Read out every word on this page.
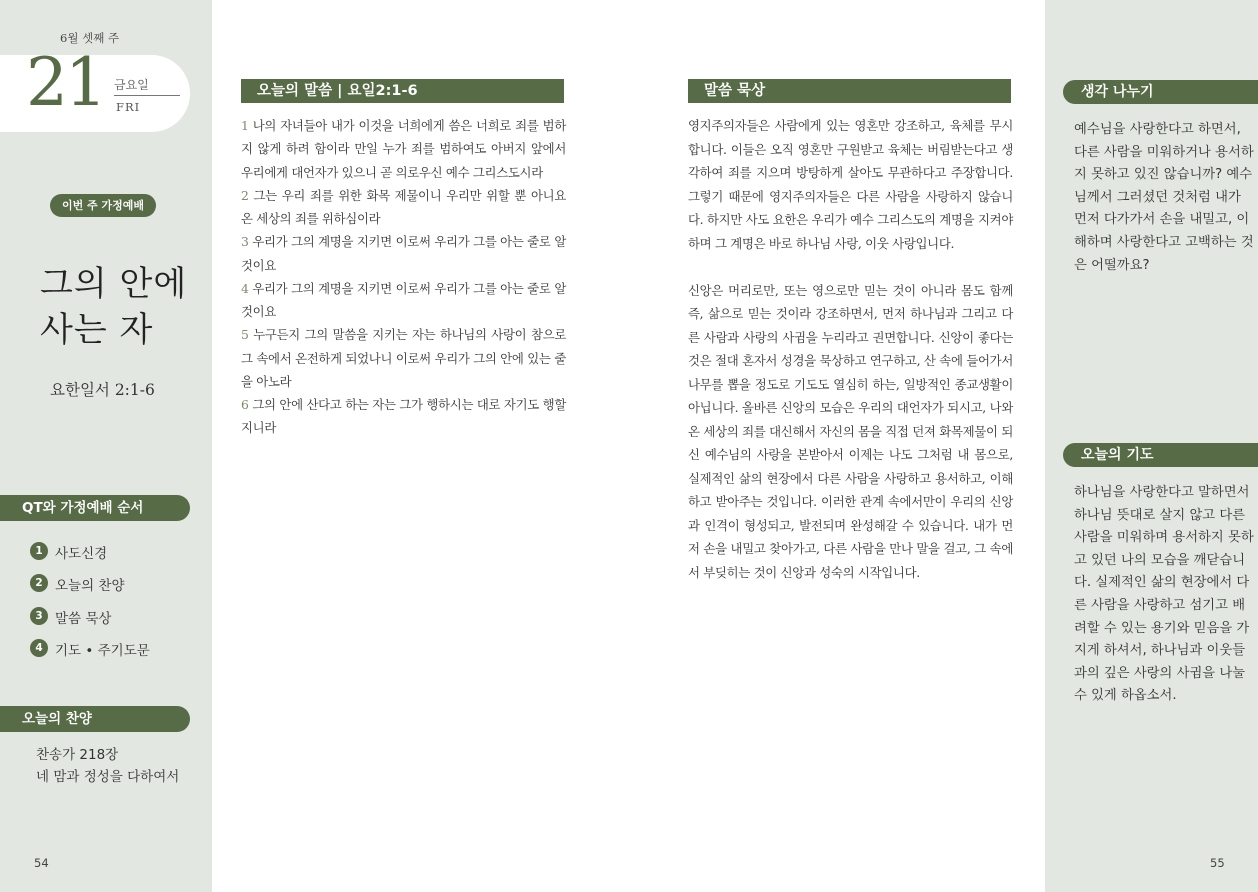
6월 셋째 주
21 금요일
FRI
이번 주 가정예배
그의 안에
사는 자
요한일서 2:1-6
QT와 가정예배 순서
1 사도신경
2 오늘의 찬양
3 말씀 묵상
4 기도 • 주기도문
오늘의 찬양
찬송가 218장
네 맘과 정성을 다하여서
54
오늘의 말씀 | 요일2:1-6

1 나의 자녀들아 내가 이것을 너희에게 씀은 너희로 죄를 범하지 않게 하려 함이라 만일 누가 죄를 범하여도 아버지 앞에서 우리에게 대언자가 있으니 곧 의로우신 예수 그리스도시라

2 그는 우리 죄를 위한 화목 제물이니 우리만 위할 뿐 아니요 온 세상의 죄를 위하심이라

3 우리가 그의 계명을 지키면 이로써 우리가 그를 아는 줄로 알 것이요

4 우리가 그의 계명을 지키면 이로써 우리가 그를 아는 줄로 알 것이요

5 누구든지 그의 말씀을 지키는 자는 하나님의 사랑이 참으로 그 속에서 온전하게 되었나니 이로써 우리가 그의 안에 있는 줄을 아노라

6 그의 안에 산다고 하는 자는 그가 행하시는 대로 자기도 행할지니라

말씀 묵상

영지주의자들은 사람에게 있는 영혼만 강조하고, 육체를 무시합니다. 이들은 오직 영혼만 구원받고 육체는 버림받는다고 생각하여 죄를 지으며 방탕하게 살아도 무관하다고 주장합니다. 그렇기 때문에 영지주의자들은 다른 사람을 사랑하지 않습니다. 하지만 사도 요한은 우리가 예수 그리스도의 계명을 지켜야 하며 그 계명은 바로 하나님 사랑, 이웃 사랑입니다.

신앙은 머리로만, 또는 영으로만 믿는 것이 아니라 몸도 함께 즉, 삶으로 믿는 것이라 강조하면서, 먼저 하나님과 그리고 다른 사람과 사랑의 사귐을 누리라고 권면합니다. 신앙이 좋다는 것은 절대 혼자서 성경을 묵상하고 연구하고, 산 속에 들어가서 나무를 뽑을 정도로 기도도 열심히 하는, 일방적인 종교생활이 아닙니다. 올바른 신앙의 모습은 우리의 대언자가 되시고, 나와 온 세상의 죄를 대신해서 자신의 몸을 직접 던져 화목제물이 되신 예수님의 사랑을 본받아서 이제는 나도 그처럼 내 몸으로, 실제적인 삶의 현장에서 다른 사람을 사랑하고 용서하고, 이해하고 받아주는 것입니다. 이러한 관계 속에서만이 우리의 신앙과 인격이 형성되고, 발전되며 완성해갈 수 있습니다. 내가 먼저 손을 내밀고 찾아가고, 다른 사람을 만나 말을 걸고, 그 속에서 부딪히는 것이 신앙과 성숙의 시작입니다.

생각 나누기
예수님을 사랑한다고 하면서, 다른 사람을 미워하거나 용서하지 못하고 있진 않습니까? 예수님께서 그러셨던 것처럼 내가 먼저 다가가서 손을 내밀고, 이해하며 사랑한다고 고백하는 것은 어떨까요?
오늘의 기도
하나님을 사랑한다고 말하면서 하나님 뜻대로 살지 않고 다른 사람을 미워하며 용서하지 못하고 있던 나의 모습을 깨닫습니다. 실제적인 삶의 현장에서 다른 사람을 사랑하고 섬기고 배려할 수 있는 용기와 믿음을 가지게 하셔서, 하나님과 이웃들과의 깊은 사랑의 사귐을 나눌 수 있게 하옵소서.
55
